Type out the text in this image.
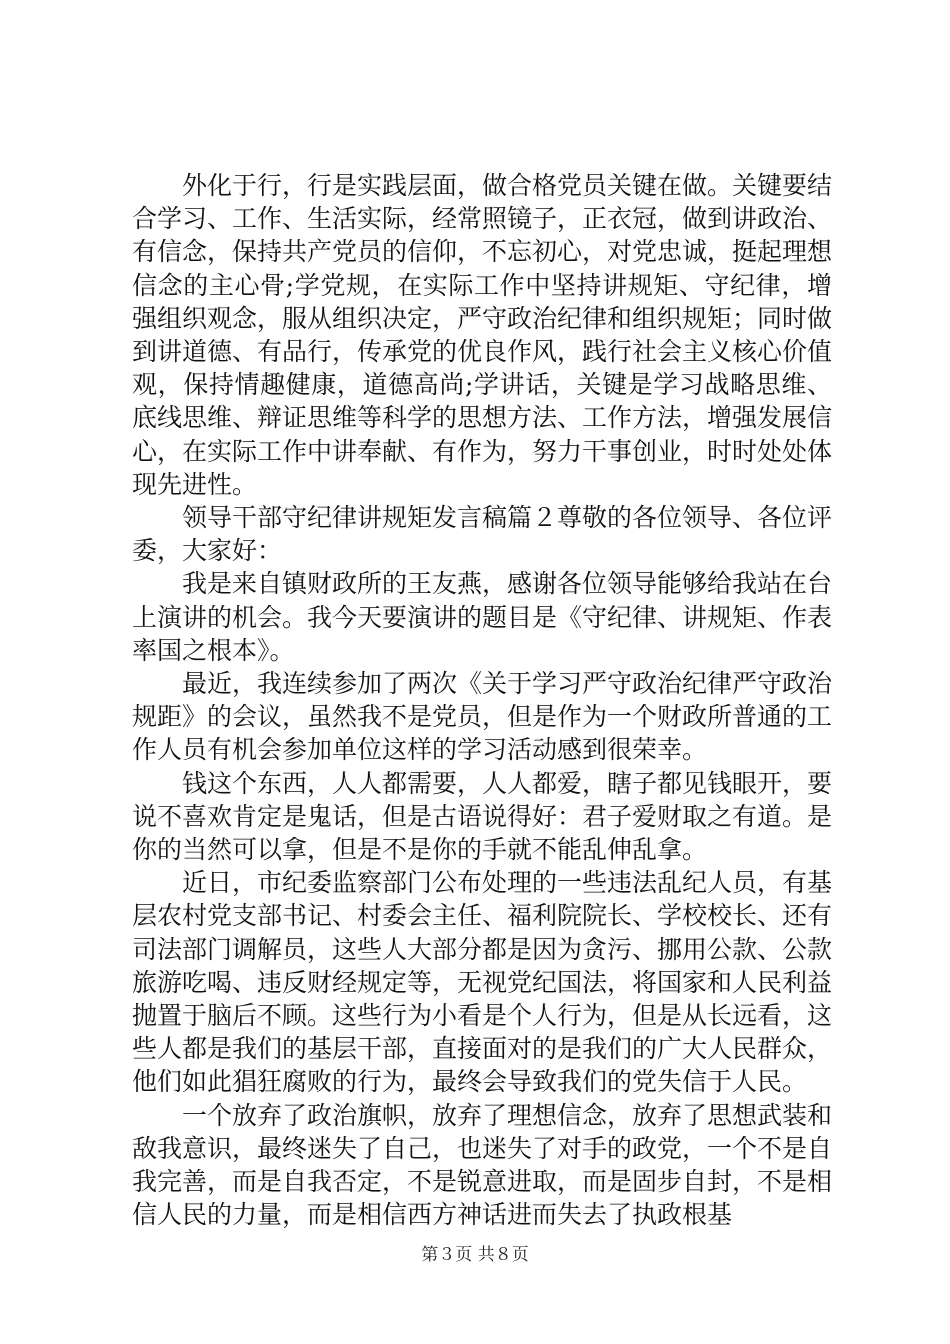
外化于行，行是实践层面，做合格党员关键在做。关键要结合学习、工作、生活实际，经常照镜子，正衣冠，做到讲政治、有信念，保持共产党员的信仰，不忘初心，对党忠诚，挺起理想信念的主心骨;学党规，在实际工作中坚持讲规矩、守纪律，增强组织观念，服从组织决定，严守政治纪律和组织规矩；同时做到讲道德、有品行，传承党的优良作风，践行社会主义核心价值观，保持情趣健康，道德高尚;学讲话，关键是学习战略思维、底线思维、辩证思维等科学的思想方法、工作方法，增强发展信心，在实际工作中讲奉献、有作为，努力干事创业，时时处处体现先进性。

领导干部守纪律讲规矩发言稿篇２尊敬的各位领导、各位评委，大家好：

我是来自镇财政所的王友燕，感谢各位领导能够给我站在台上演讲的机会。我今天要演讲的题目是《守纪律、讲规矩、作表率国之根本》。

最近，我连续参加了两次《关于学习严守政治纪律严守政治规距》的会议，虽然我不是党员，但是作为一个财政所普通的工作人员有机会参加单位这样的学习活动感到很荣幸。

钱这个东西，人人都需要，人人都爱，瞎子都见钱眼开，要说不喜欢肯定是鬼话，但是古语说得好：君子爱财取之有道。是你的当然可以拿，但是不是你的手就不能乱伸乱拿。

近日，市纪委监察部门公布处理的一些违法乱纪人员，有基层农村党支部书记、村委会主任、福利院院长、学校校长、还有司法部门调解员，这些人大部分都是因为贪污、挪用公款、公款旅游吃喝、违反财经规定等，无视党纪国法，将国家和人民利益抛置于脑后不顾。这些行为小看是个人行为，但是从长远看，这些人都是我们的基层干部，直接面对的是我们的广大人民群众，他们如此猖狂腐败的行为，最终会导致我们的党失信于人民。

一个放弃了政治旗帜，放弃了理想信念，放弃了思想武装和敌我意识，最终迷失了自己，也迷失了对手的政党，一个不是自我完善，而是自我否定，不是锐意进取，而是固步自封，不是相信人民的力量，而是相信西方神话进而失去了执政根基

第３页 共８页
